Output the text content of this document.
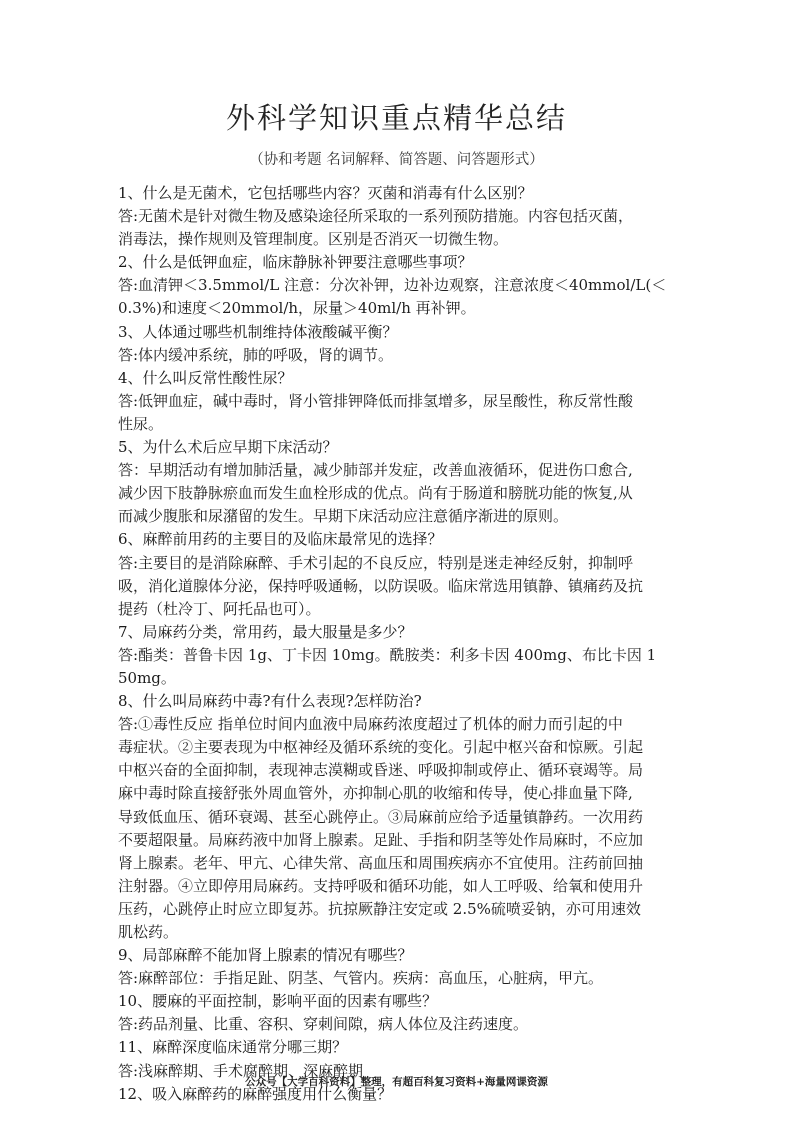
外科学知识重点精华总结

（协和考题 名词解释、简答题、问答题形式）

1、什么是无菌术，它包括哪些内容？灭菌和消毒有什么区别？
答:无菌术是针对微生物及感染途径所采取的一系列预防措施。内容包括灭菌，
消毒法，操作规则及管理制度。区别是否消灭一切微生物。
2、什么是低钾血症，临床静脉补钾要注意哪些事项？
答:血清钾＜3.5mmol/L 注意：分次补钾，边补边观察，注意浓度＜40mmol/L(＜
0.3%)和速度＜20mmol/h，尿量＞40ml/h 再补钾。
3、人体通过哪些机制维持体液酸碱平衡？
答:体内缓冲系统，肺的呼吸，肾的调节。
4、什么叫反常性酸性尿？
答:低钾血症，碱中毒时，肾小管排钾降低而排氢增多，尿呈酸性，称反常性酸
性尿。
5、为什么术后应早期下床活动？
答：早期活动有增加肺活量，减少肺部并发症，改善血液循环，促进伤口愈合,
减少因下肢静脉瘀血而发生血栓形成的优点。尚有于肠道和膀胱功能的恢复,从
而减少腹胀和尿潴留的发生。早期下床活动应注意循序渐进的原则。
6、麻醉前用药的主要目的及临床最常见的选择？
答:主要目的是消除麻醉、手术引起的不良反应，特别是迷走神经反射，抑制呼
吸，消化道腺体分泌，保持呼吸通畅，以防误吸。临床常选用镇静、镇痛药及抗
提药（杜冷丁、阿托品也可）。
7、局麻药分类，常用药，最大服量是多少？
答:酯类：普鲁卡因 1g、丁卡因 10mg。酰胺类：利多卡因 400mg、布比卡因 1
50mg。
8、什么叫局麻药中毒?有什么表现?怎样防治?
答:①毒性反应 指单位时间内血液中局麻药浓度超过了机体的耐力而引起的中
毒症状。②主要表现为中枢神经及循环系统的变化。引起中枢兴奋和惊厥。引起
中枢兴奋的全面抑制，表现神志漠糊或昏迷、呼吸抑制或停止、循环衰竭等。局
麻中毒时除直接舒张外周血管外，亦抑制心肌的收缩和传导，使心排血量下降,
导致低血压、循环衰竭、甚至心跳停止。③局麻前应给予适量镇静药。一次用药
不要超限量。局麻药液中加肾上腺素。足趾、手指和阴茎等处作局麻时，不应加
肾上腺素。老年、甲亢、心律失常、高血压和周围疾病亦不宜使用。注药前回抽
注射器。④立即停用局麻药。支持呼吸和循环功能，如人工呼吸、给氧和使用升
压药，心跳停止时应立即复苏。抗掠厥静注安定或 2.5%硫喷妥钠，亦可用速效
肌松药。
9、局部麻醉不能加肾上腺素的情况有哪些？
答:麻醉部位：手指足趾、阴茎、气管内。疾病：高血压，心脏病，甲亢。
10、腰麻的平面控制，影响平面的因素有哪些？
答:药品剂量、比重、容积、穿刺间隙，病人体位及注药速度。
11、麻醉深度临床通常分哪三期？
答:浅麻醉期、手术腐醉期、深麻醉期
12、吸入麻醉药的麻醉强度用什么衡量？
公众号【大学百科资料】整理，有超百科复习资料+海量网课资源
